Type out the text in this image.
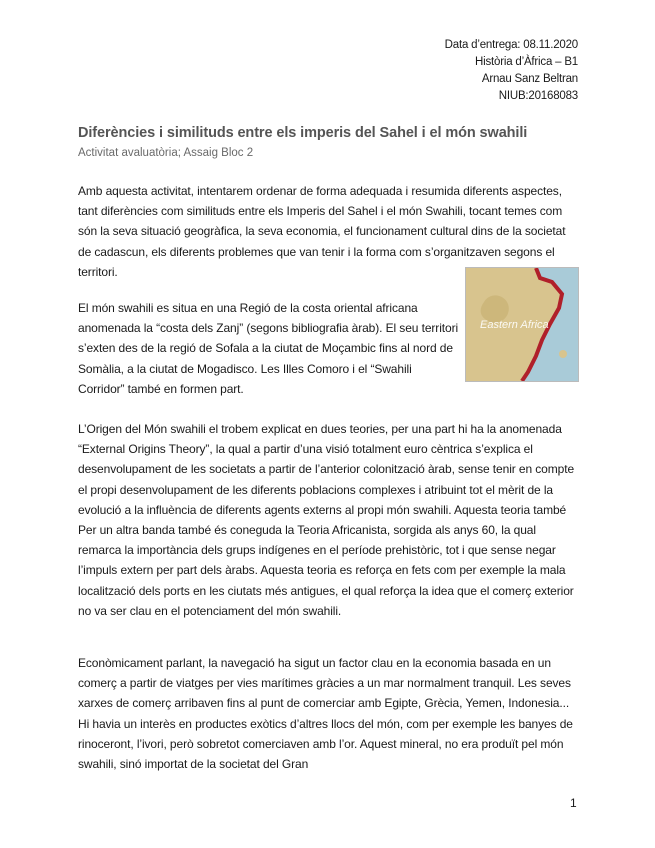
Data d’entrega: 08.11.2020
Història d’Àfrica – B1
Arnau Sanz Beltran
NIUB:20168083
Diferències i similituds entre els imperis del Sahel i el món swahili
Activitat avaluatòria; Assaig Bloc 2

Amb aquesta activitat, intentarem ordenar de forma adequada i resumida diferents aspectes, tant diferències com similituds entre els Imperis del Sahel i el món Swahili, tocant temes com són la seva situació geogràfica, la seva economia, el funcionament cultural dins de la societat de cadascun, els diferents problemes que van tenir i la forma com s’organitzaven segons el territori.

El món swahili es situa en una Regió de la costa oriental africana anomenada la “costa dels Zanj” (segons bibliografia àrab). El seu territori s’exten des de la regió de Sofala a la ciutat de Moçambic fins al nord de Somàlia, a la ciutat de Mogadisco. Les Illes Comoro i el “Swahili Corridor” també en formen part.

Eastern Africa

L’Origen del Món swahili el trobem explicat en dues teories, per una part hi ha la anomenada “External Origins Theory”, la qual a partir d’una visió totalment euro cèntrica s’explica el desenvolupament de les societats a partir de l’anterior colonització àrab, sense tenir en compte el propi desenvolupament de les diferents poblacions complexes i atribuint tot el mèrit de la evolució a la influència de diferents agents externs al propi món swahili. Aquesta teoria també

Per un altra banda també és coneguda la Teoria Africanista, sorgida als anys 60, la qual remarca la importància dels grups indígenes en el període prehistòric, tot i que sense negar l’impuls extern per part dels àrabs. Aquesta teoria es reforça en fets com per exemple la mala localització dels ports en les ciutats més antigues, el qual reforça la idea que el comerç exterior no va ser clau en el potenciament del món swahili.

Econòmicament parlant, la navegació ha sigut un factor clau en la economia basada en un comerç a partir de viatges per vies marítimes gràcies a un mar normalment tranquil. Les seves xarxes de comerç arribaven fins al punt de comerciar amb Egipte, Grècia, Yemen, Indonesia... Hi havia un interès en productes exòtics d’altres llocs del món, com per exemple les banyes de rinoceront, l’ivori, però sobretot comerciaven amb l’or. Aquest mineral, no era produït pel món swahili, sinó importat de la societat del Gran

1
